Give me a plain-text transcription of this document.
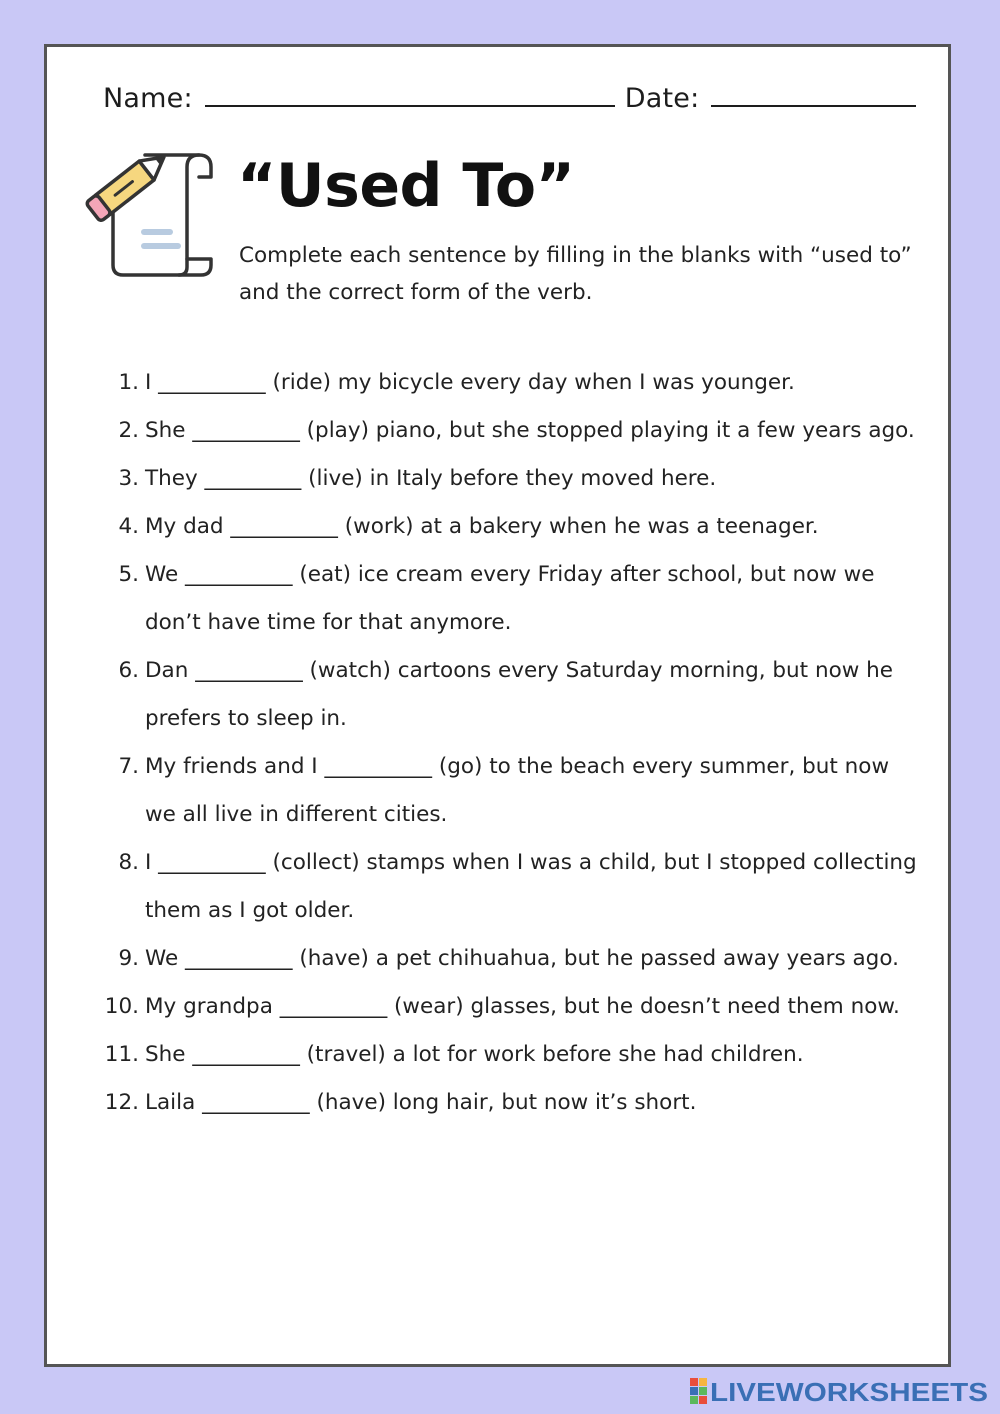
Name:	Date:
“Used To”
Complete each sentence by filling in the blanks with “used to” and the correct form of the verb.
1. I __________ (ride) my bicycle every day when I was younger.
2. She __________ (play) piano, but she stopped playing it a few years ago.
3. They _________ (live) in Italy before they moved here.
4. My dad __________ (work) at a bakery when he was a teenager.
5. We __________ (eat) ice cream every Friday after school, but now we don’t have time for that anymore.
6. Dan __________ (watch) cartoons every Saturday morning, but now he prefers to sleep in.
7. My friends and I __________ (go) to the beach every summer, but now we all live in different cities.
8. I __________ (collect) stamps when I was a child, but I stopped collecting them as I got older.
9. We __________ (have) a pet chihuahua, but he passed away years ago.
10. My grandpa __________ (wear) glasses, but he doesn’t need them now.
11. She __________ (travel) a lot for work before she had children.
12. Laila __________ (have) long hair, but now it’s short.
LIVEWORKSHEETS
